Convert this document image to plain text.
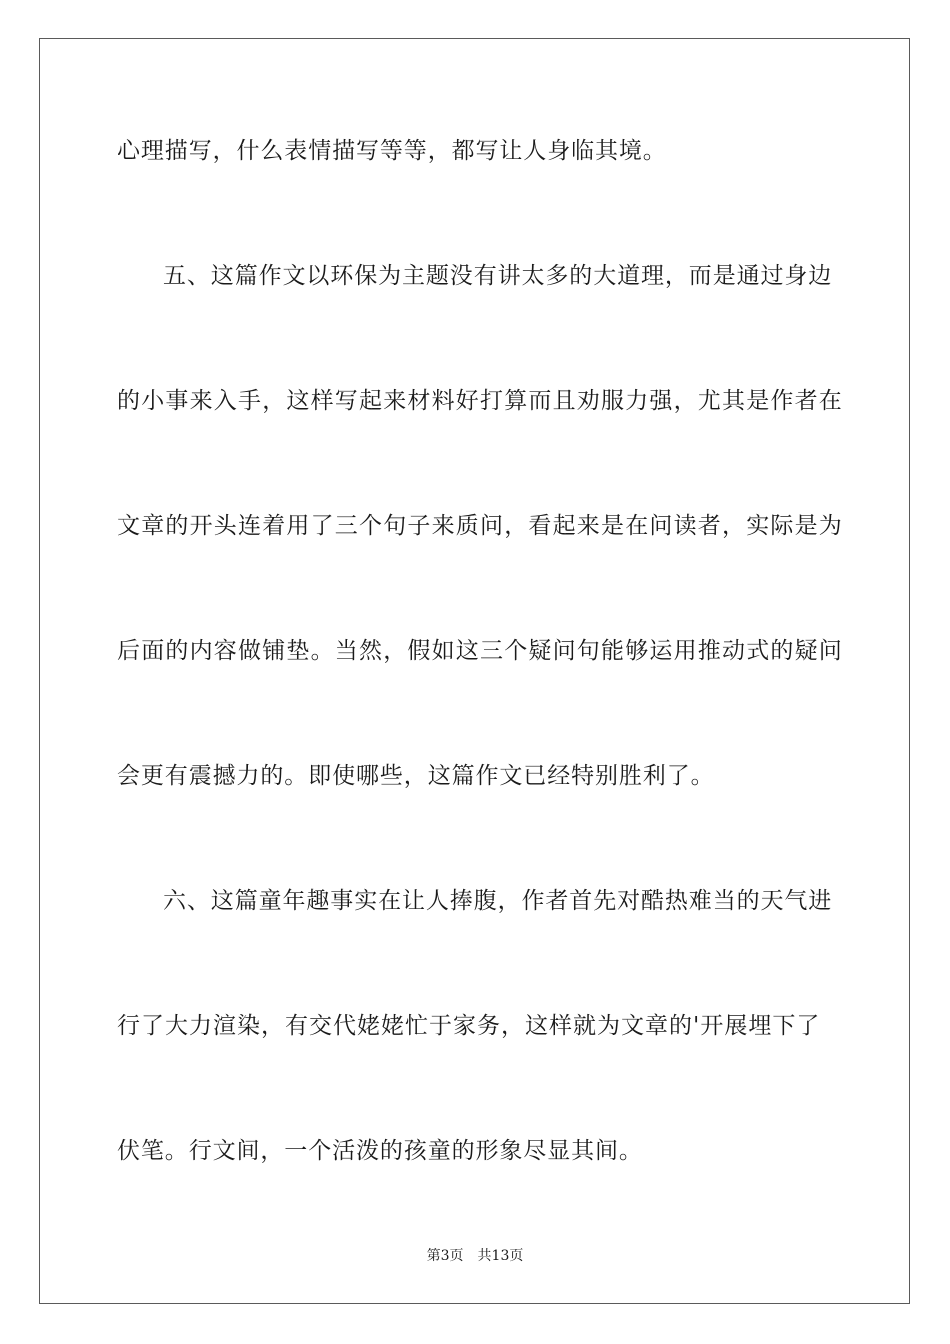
心理描写，什么表情描写等等，都写让人身临其境。
五、这篇作文以环保为主题没有讲太多的大道理，而是通过身边
的小事来入手，这样写起来材料好打算而且劝服力强，尤其是作者在
文章的开头连着用了三个句子来质问，看起来是在问读者，实际是为
后面的内容做铺垫。当然，假如这三个疑问句能够运用推动式的疑问
会更有震撼力的。即使哪些，这篇作文已经特别胜利了。
六、这篇童年趣事实在让人捧腹，作者首先对酷热难当的天气进
行了大力渲染，有交代姥姥忙于家务，这样就为文章的'开展埋下了
伏笔。行文间，一个活泼的孩童的形象尽显其间。
第3页　共13页
